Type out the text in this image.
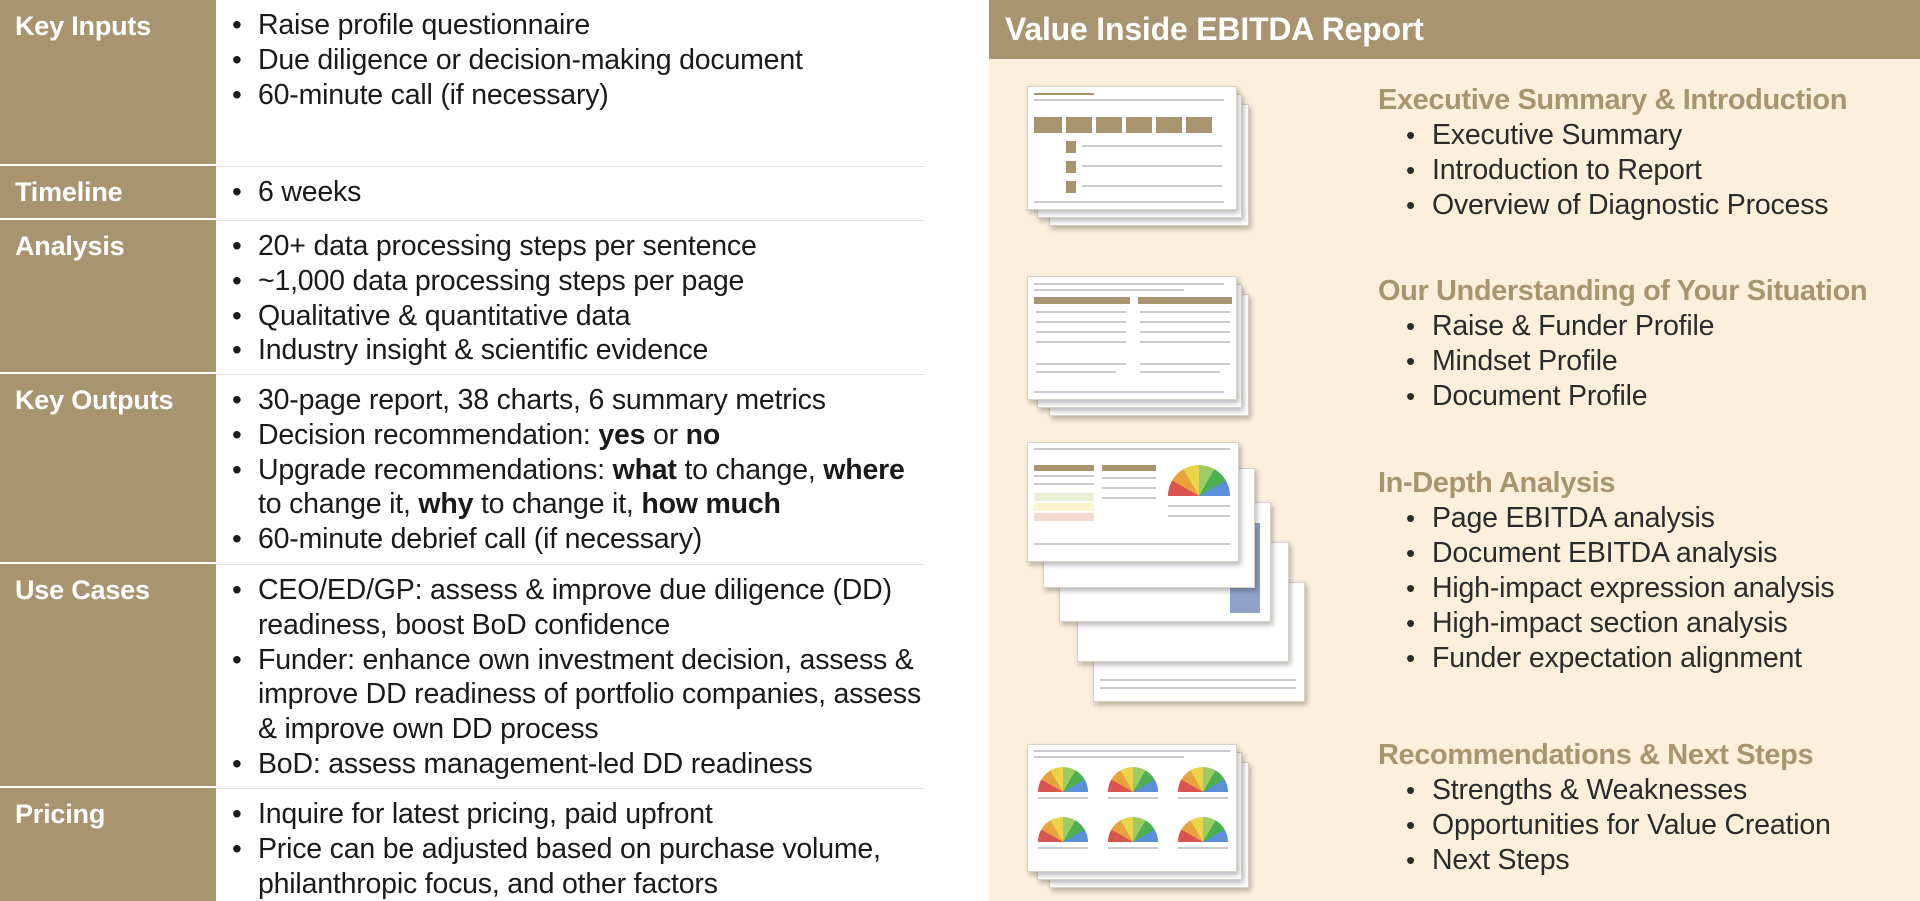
Key Inputs	• Raise profile questionnaire
• Due diligence or decision-making document
• 60-minute call (if necessary)
Timeline	• 6 weeks
Analysis	• 20+ data processing steps per sentence
• ~1,000 data processing steps per page
• Qualitative & quantitative data
• Industry insight & scientific evidence
Key Outputs	• 30-page report, 38 charts, 6 summary metrics
• Decision recommendation: yes or no
• Upgrade recommendations: what to change, where to change it, why to change it, how much
• 60-minute debrief call (if necessary)
Use Cases	• CEO/ED/GP: assess & improve due diligence (DD) readiness, boost BoD confidence
• Funder: enhance own investment decision, assess & improve DD readiness of portfolio companies, assess & improve own DD process
• BoD: assess management-led DD readiness
Pricing	• Inquire for latest pricing, paid upfront
• Price can be adjusted based on purchase volume, philanthropic focus, and other factors
Value Inside EBITDA Report
Executive Summary & Introduction
• Executive Summary
• Introduction to Report
• Overview of Diagnostic Process
Our Understanding of Your Situation
• Raise & Funder Profile
• Mindset Profile
• Document Profile
In-Depth Analysis
• Page EBITDA analysis
• Document EBITDA analysis
• High-impact expression analysis
• High-impact section analysis
• Funder expectation alignment
Recommendations & Next Steps
• Strengths & Weaknesses
• Opportunities for Value Creation
• Next Steps
